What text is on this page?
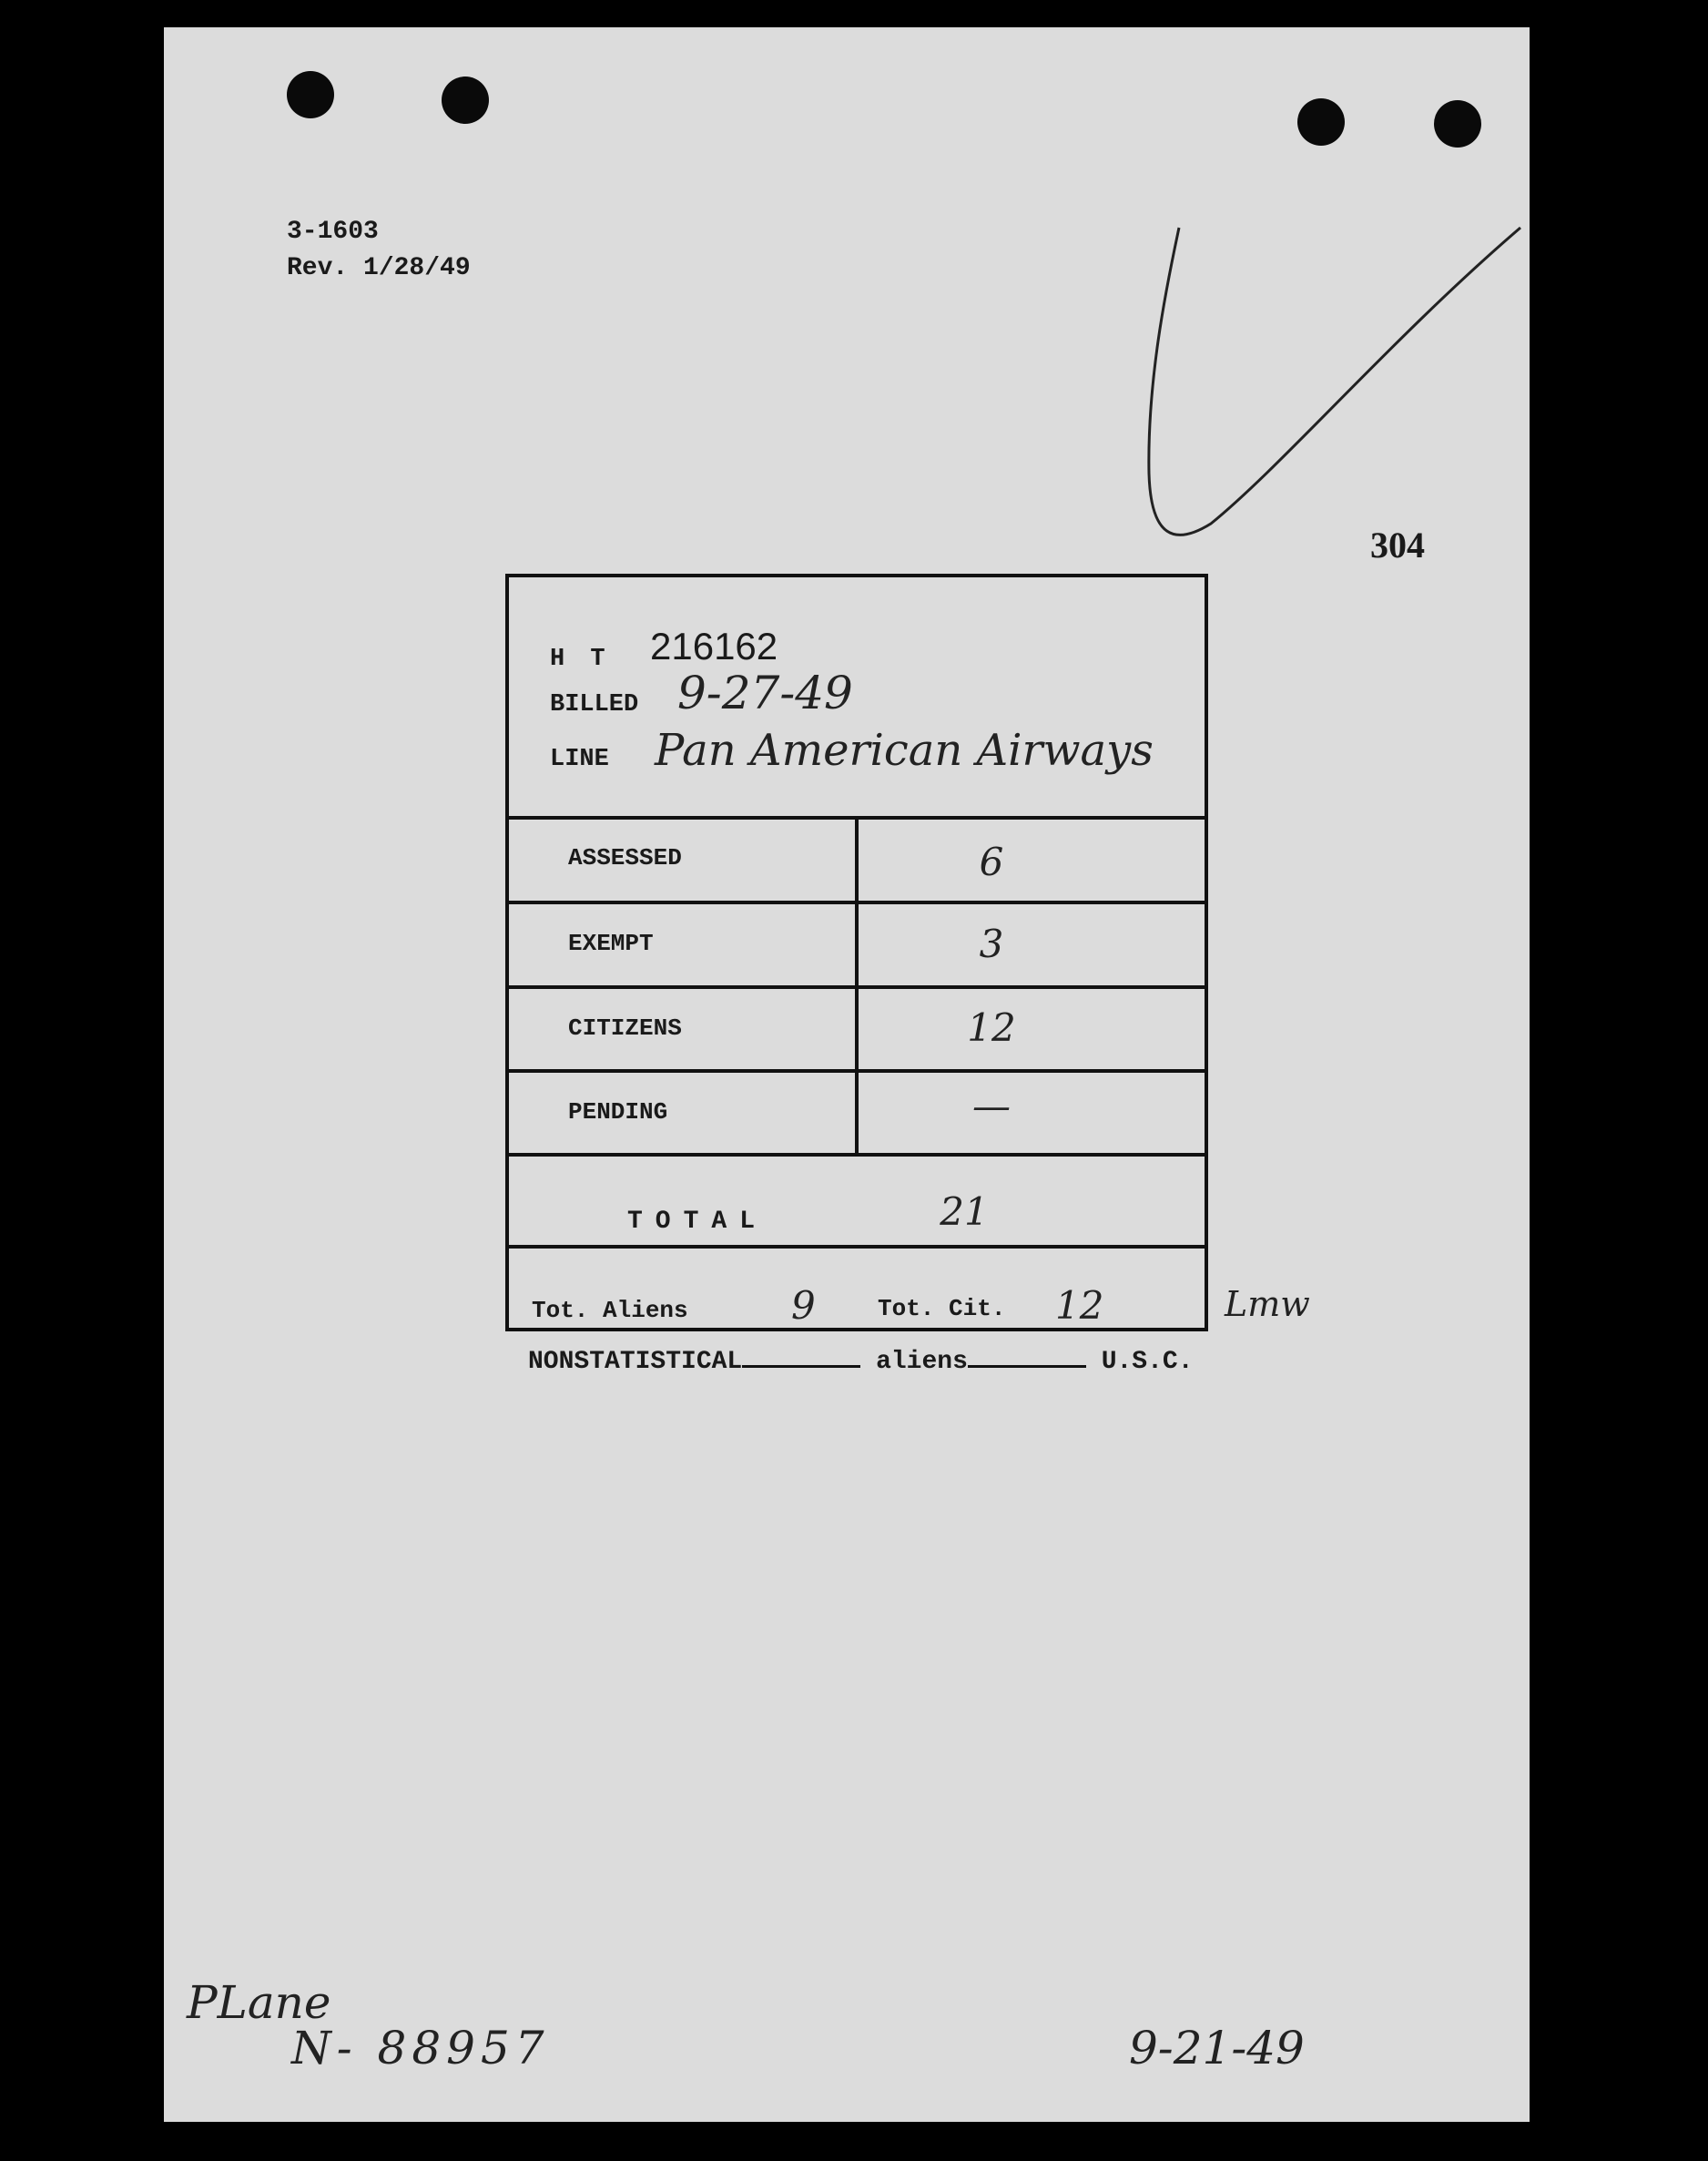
3-1603
Rev. 1/28/49
304
H T 216162
BILLED 9-27-49
LINE Pan American Airways
ASSESSED	6
EXEMPT	3
CITIZENS	12
PENDING	—
TOTAL	21
Tot. Aliens	9	Tot. Cit. 12	Lmw
NONSTATISTICAL	aliens	U.S.C.
PLane
N- 88957	9-21-49
